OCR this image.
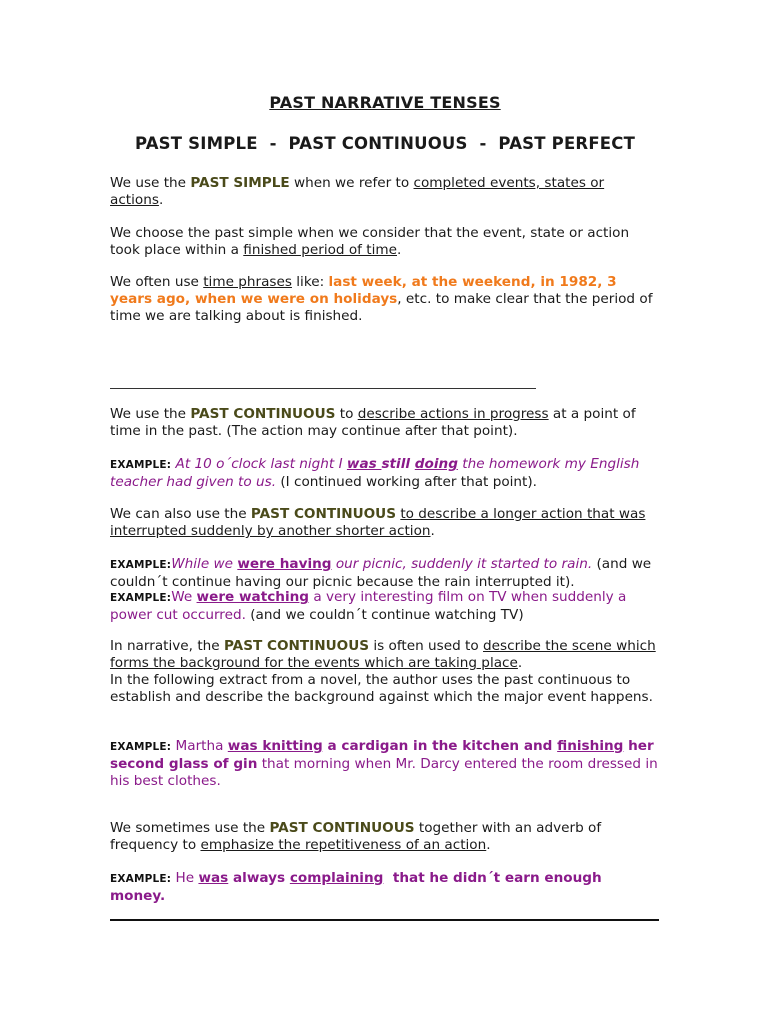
PAST NARRATIVE TENSES
PAST SIMPLE  -  PAST CONTINUOUS  -  PAST PERFECT
We use the PAST SIMPLE when we refer to completed events, states or actions.
We choose the past simple when we consider that the event, state or action took place within a finished period of time.
We often use time phrases like: last week, at the weekend, in 1982, 3 years ago, when we were on holidays, etc. to make clear that the period of time we are talking about is finished.
We use the PAST CONTINUOUS to describe actions in progress at a point of time in the past. (The action may continue after that point).
EXAMPLE: At 10 o´clock last night I was still doing the homework my English teacher had given to us. (I continued working after that point).
We can also use the PAST CONTINUOUS to describe a longer action that was interrupted suddenly by another shorter action.
EXAMPLE:While we were having our picnic, suddenly it started to rain. (and we couldn´t continue having our picnic because the rain interrupted it).
EXAMPLE:We were watching a very interesting film on TV when suddenly a power cut occurred. (and we couldn´t continue watching TV)
In narrative, the PAST CONTINUOUS is often used to describe the scene which forms the background for the events which are taking place.
In the following extract from a novel, the author uses the past continuous to establish and describe the background against which the major event happens.
EXAMPLE: Martha was knitting a cardigan in the kitchen and finishing her second glass of gin that morning when Mr. Darcy entered the room dressed in his best clothes.
We sometimes use the PAST CONTINUOUS together with an adverb of frequency to emphasize the repetitiveness of an action.
EXAMPLE: He was always complaining  that he didn´t earn enough money.
